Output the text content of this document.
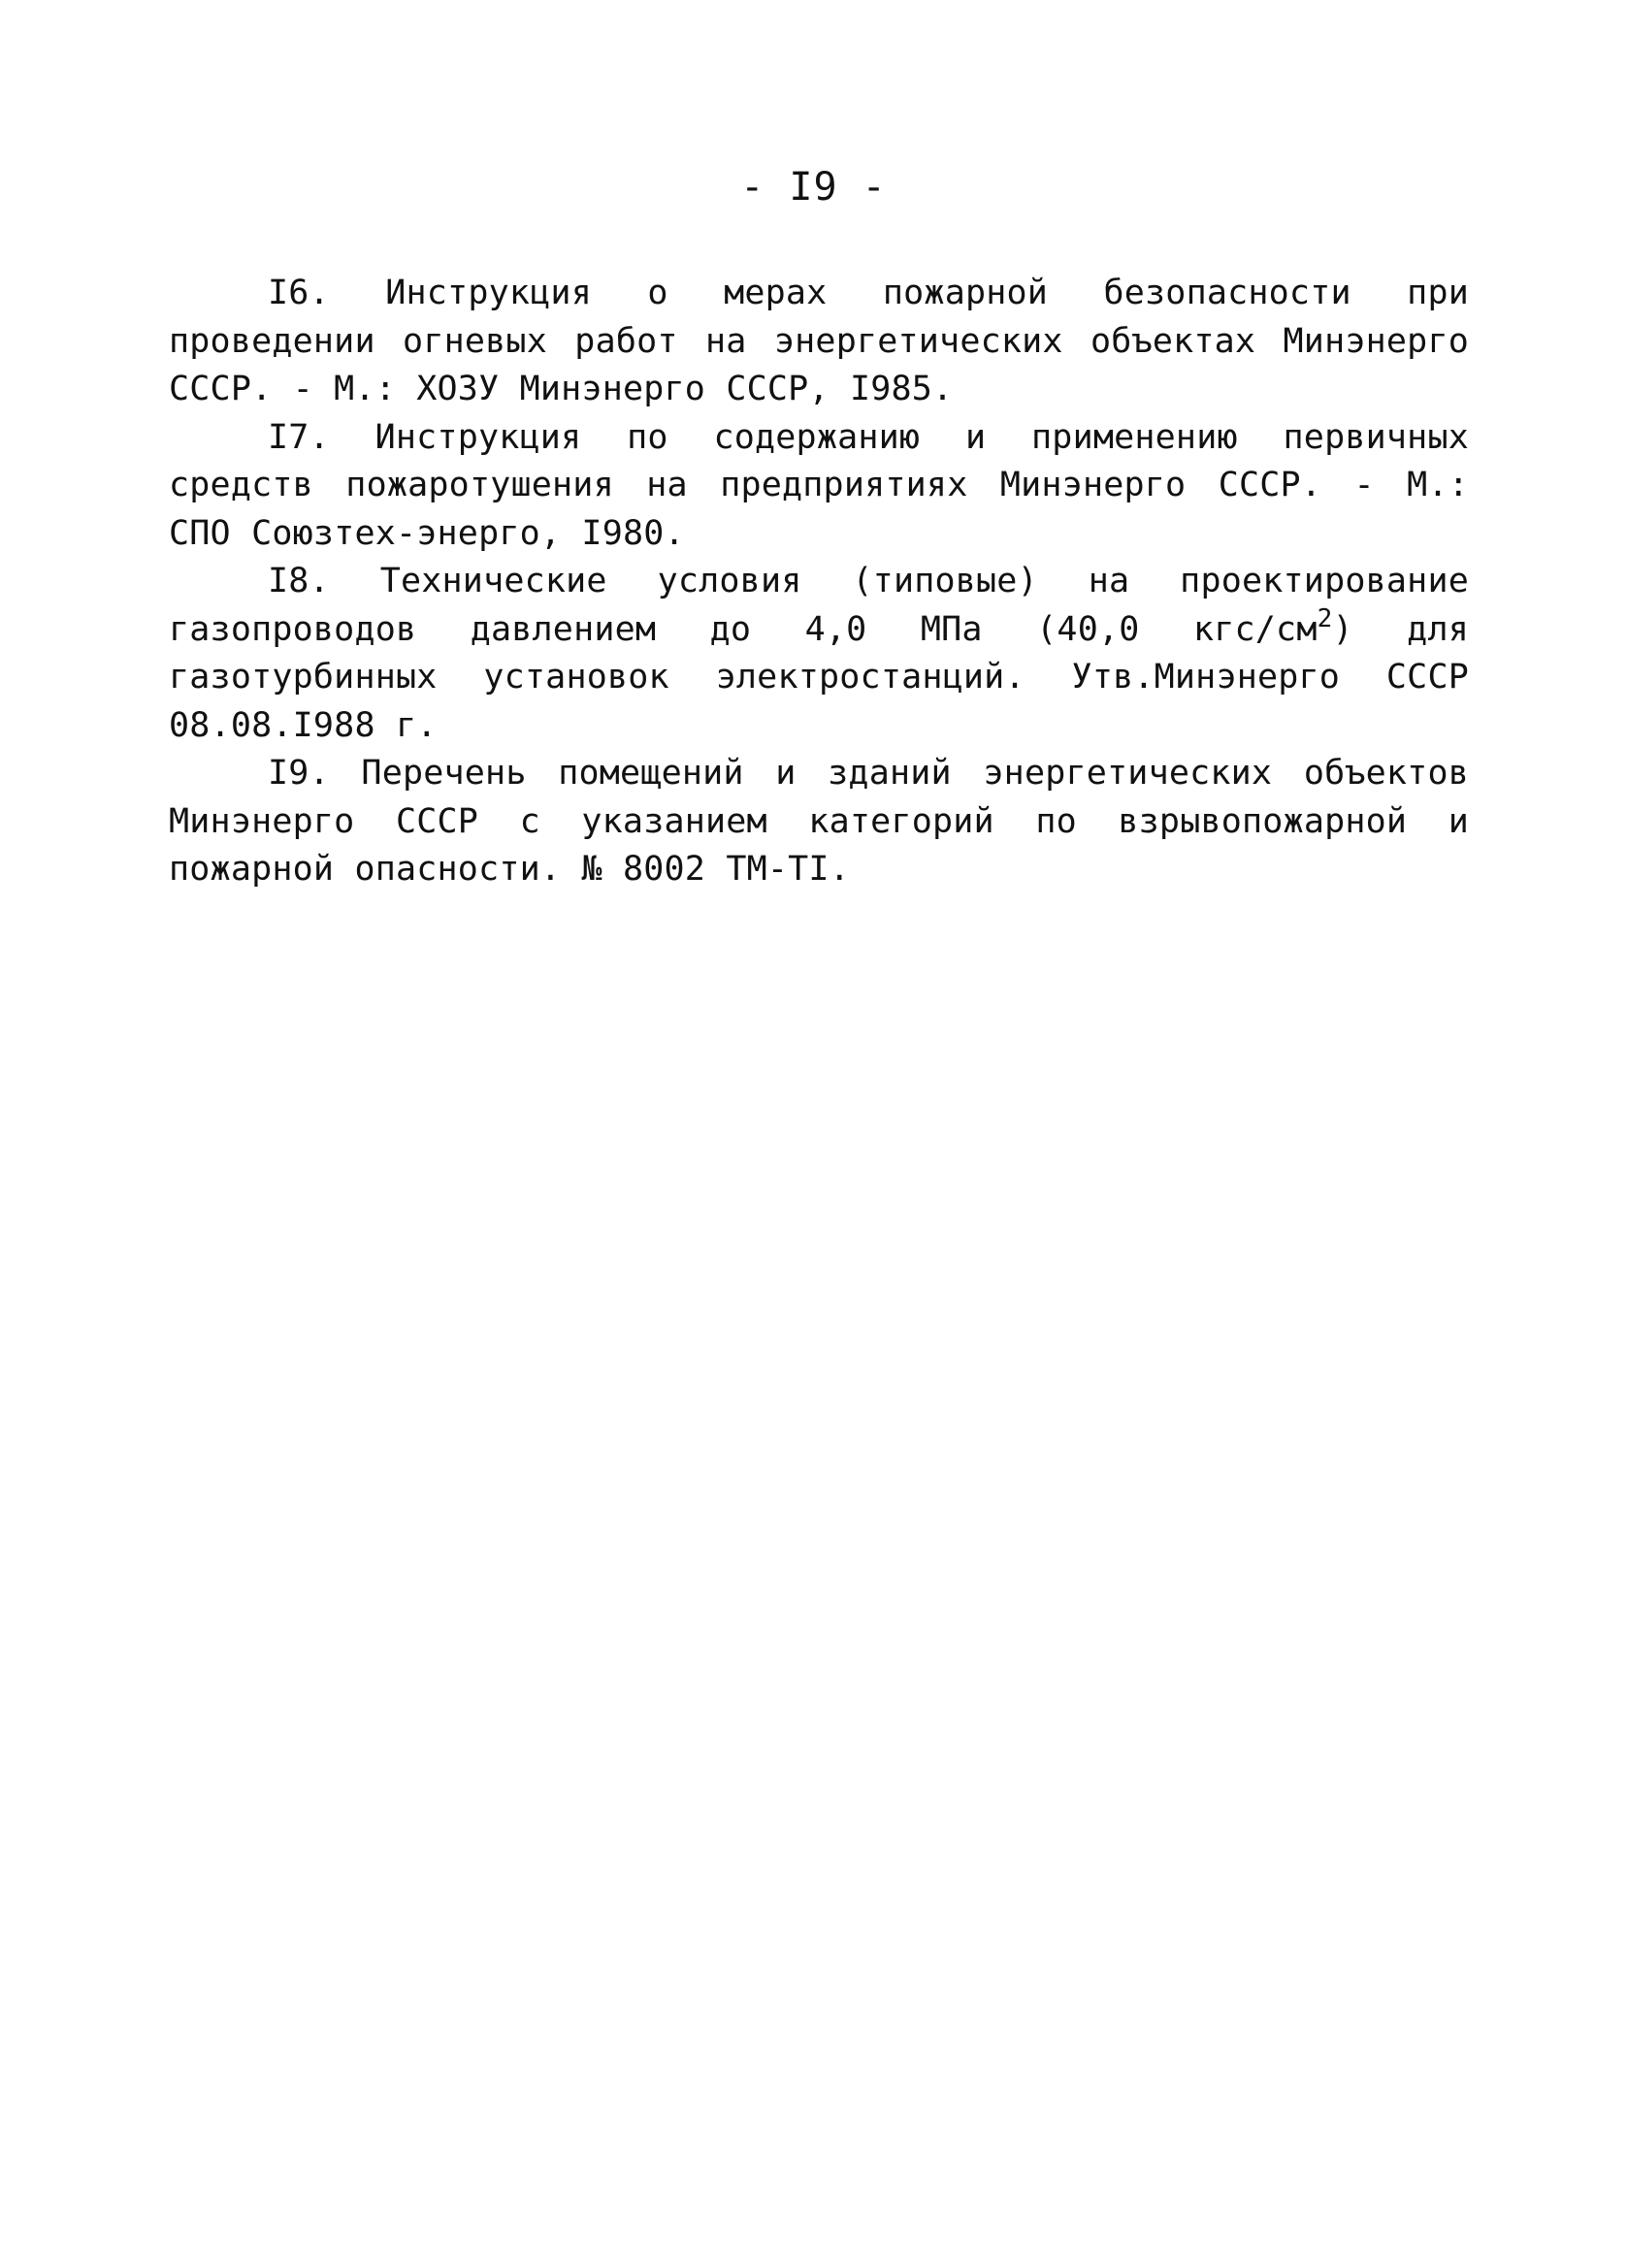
- I9 -

I6. Инструкция о мерах пожарной безопасности при проведении огневых работ на энергетических объектах Минэнерго СССР. - М.: ХОЗУ Минэнерго СССР, I985.

I7. Инструкция по содержанию и применению первичных средств пожаротушения на предприятиях Минэнерго СССР. - М.: СПО Союзтех-энерго, I980.

I8. Технические условия (типовые) на проектирование газопроводов давлением до 4,0 МПа (40,0 кгс/$см^2$) для газотурбинных установок электростанций. Утв.Минэнерго СССР 08.08.I988 г.

I9. Перечень помещений и зданий энергетических объектов Минэнерго СССР с указанием категорий по взрывопожарной и пожарной опасности. № 8002 ТМ-ТI.
